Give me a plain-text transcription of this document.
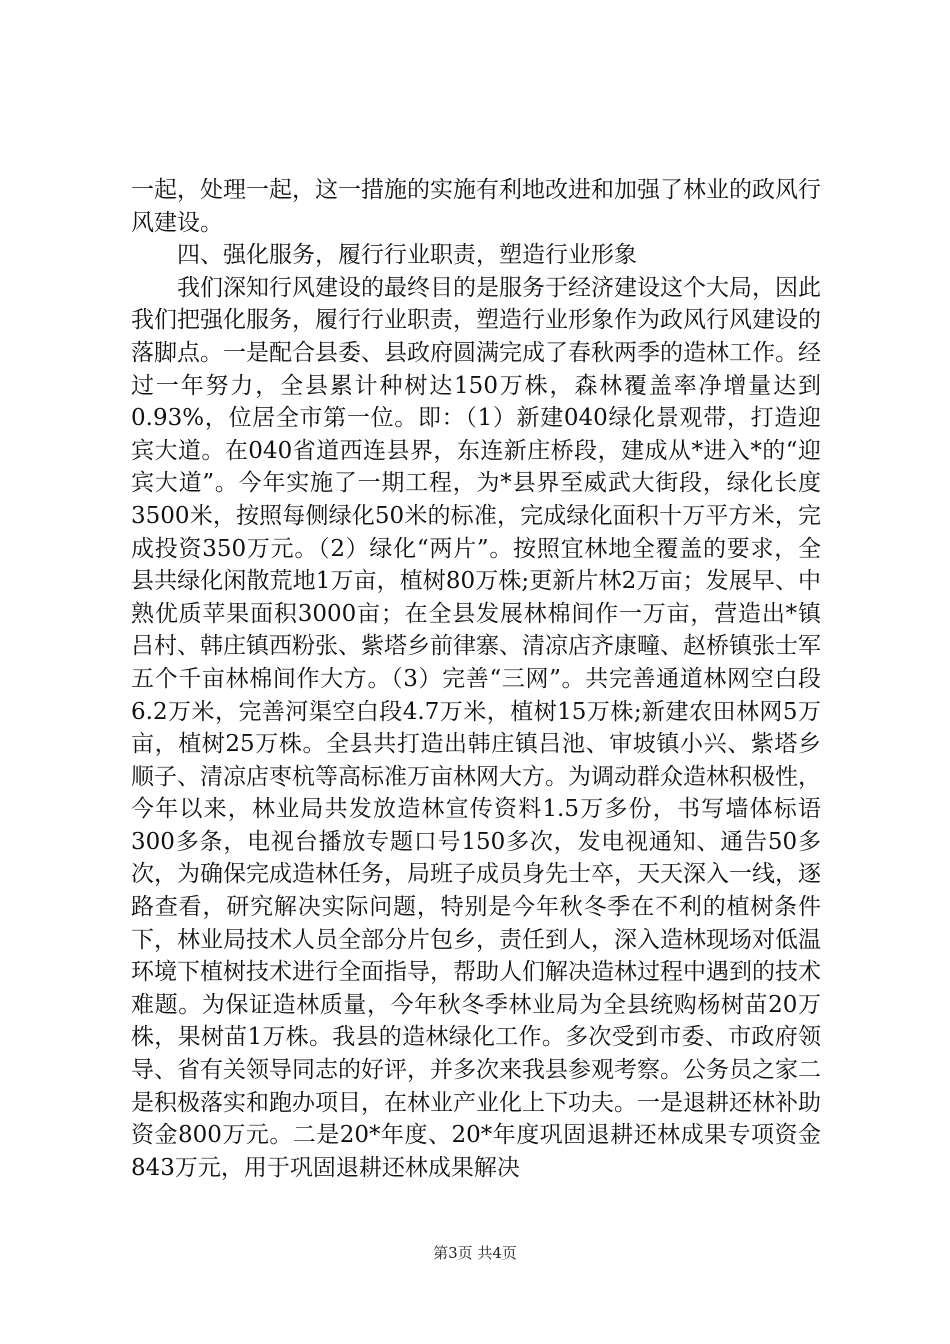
一起，处理一起，这一措施的实施有利地改进和加强了林业的政风行风建设。

四、强化服务，履行行业职责，塑造行业形象

我们深知行风建设的最终目的是服务于经济建设这个大局，因此我们把强化服务，履行行业职责，塑造行业形象作为政风行风建设的落脚点。一是配合县委、县政府圆满完成了春秋两季的造林工作。经过一年努力，全县累计种树达150万株，森林覆盖率净增量达到0.93%，位居全市第一位。即：（1）新建040绿化景观带，打造迎宾大道。在040省道西连县界，东连新庄桥段，建成从*进入*的“迎宾大道”。今年实施了一期工程，为*县界至威武大街段，绿化长度3500米，按照每侧绿化50米的标准，完成绿化面积十万平方米，完成投资350万元。（2）绿化“两片”。按照宜林地全覆盖的要求，全县共绿化闲散荒地1万亩，植树80万株;更新片林2万亩；发展早、中熟优质苹果面积3000亩；在全县发展林棉间作一万亩，营造出*镇吕村、韩庄镇西粉张、紫塔乡前律寨、清凉店齐康疃、赵桥镇张士军五个千亩林棉间作大方。（3）完善“三网”。共完善通道林网空白段6.2万米，完善河渠空白段4.7万米，植树15万株;新建农田林网5万亩，植树25万株。全县共打造出韩庄镇吕池、审坡镇小兴、紫塔乡顺子、清凉店枣杭等高标准万亩林网大方。为调动群众造林积极性，今年以来，林业局共发放造林宣传资料1.5万多份，书写墙体标语300多条，电视台播放专题口号150多次，发电视通知、通告50多次，为确保完成造林任务，局班子成员身先士卒，天天深入一线，逐路查看，研究解决实际问题，特别是今年秋冬季在不利的植树条件下，林业局技术人员全部分片包乡，责任到人，深入造林现场对低温环境下植树技术进行全面指导，帮助人们解决造林过程中遇到的技术难题。为保证造林质量，今年秋冬季林业局为全县统购杨树苗20万株，果树苗1万株。我县的造林绿化工作。多次受到市委、市政府领导、省有关领导同志的好评，并多次来我县参观考察。公务员之家二是积极落实和跑办项目，在林业产业化上下功夫。一是退耕还林补助资金800万元。二是20*年度、20*年度巩固退耕还林成果专项资金843万元，用于巩固退耕还林成果解决

第3页 共4页
